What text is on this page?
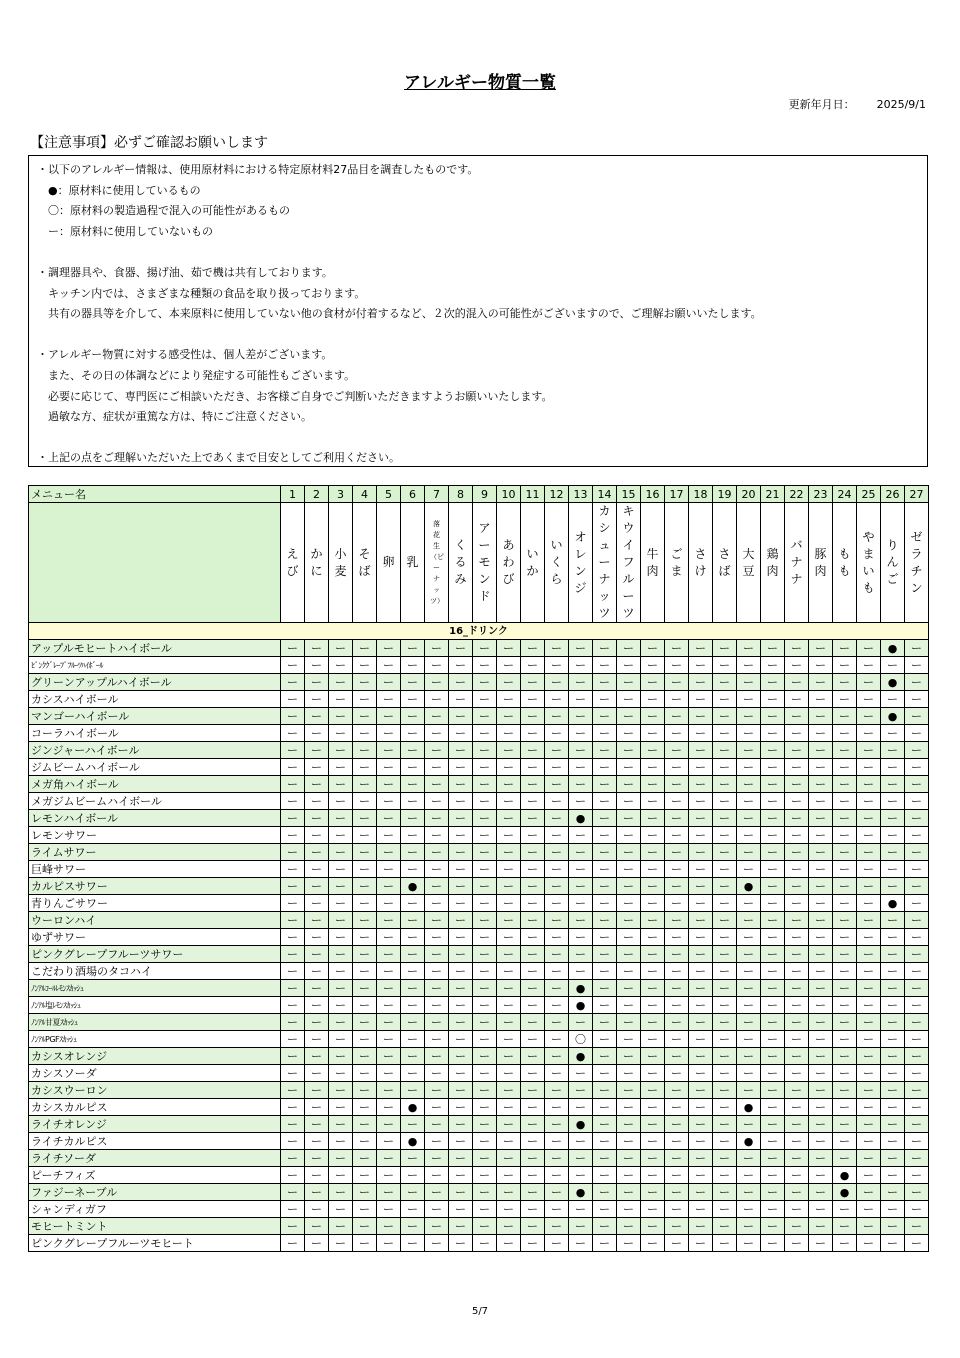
アレルギー物質一覧
更新年月日： 2025/9/1
【注意事項】必ずご確認お願いします
・以下のアレルギー情報は、使用原材料における特定原材料27品目を調査したものです。
　●：原材料に使用しているもの
　〇：原材料の製造過程で混入の可能性があるもの
　ー：原材料に使用していないもの
・調理器具や、食器、揚げ油、茹で機は共有しております。
　キッチン内では、さまざまな種類の食品を取り扱っております。
　共有の器具等を介して、本来原料に使用していない他の食材が付着するなど、２次的混入の可能性がございますので、ご理解お願いいたします。
・アレルギー物質に対する感受性は、個人差がございます。
　また、その日の体調などにより発症する可能性もございます。
　必要に応じて、専門医にご相談いただき、お客様ご自身でご判断いただきますようお願いいたします。
　過敏な方、症状が重篤な方は、特にご注意ください。
・上記の点をご理解いただいた上であくまで目安としてご利用ください。
メニュー名	1	2	3	4	5	6	7	8	9	10	11	12	13	14	15	16	17	18	19	20	21	22	23	24	25	26	27
	えび	かに	小麦	そば	卵	乳	落花生（ピーナッツ）	くるみ	アーモンド	あわび	いか	いくら	オレンジ	カシューナッツ	キウイフルーツ	牛肉	ごま	さけ	さば	大豆	鶏肉	バナナ	豚肉	もも	やまいも	りんご	ゼラチン
16_ドリンク																											
アップルモヒートハイボール	ー	ー	ー	ー	ー	ー	ー	ー	ー	ー	ー	ー	ー	ー	ー	ー	ー	ー	ー	ー	ー	ー	ー	ー	ー	●	ー
ﾋﾟﾝｸｸﾞﾚｰﾌﾟﾌﾙｰﾂﾊｲﾎﾞｰﾙ	ー	ー	ー	ー	ー	ー	ー	ー	ー	ー	ー	ー	ー	ー	ー	ー	ー	ー	ー	ー	ー	ー	ー	ー	ー	ー	ー
グリーンアップルハイボール	ー	ー	ー	ー	ー	ー	ー	ー	ー	ー	ー	ー	ー	ー	ー	ー	ー	ー	ー	ー	ー	ー	ー	ー	ー	●	ー
カシスハイボール	ー	ー	ー	ー	ー	ー	ー	ー	ー	ー	ー	ー	ー	ー	ー	ー	ー	ー	ー	ー	ー	ー	ー	ー	ー	ー	ー
マンゴーハイボール	ー	ー	ー	ー	ー	ー	ー	ー	ー	ー	ー	ー	ー	ー	ー	ー	ー	ー	ー	ー	ー	ー	ー	ー	ー	●	ー
コーラハイボール	ー	ー	ー	ー	ー	ー	ー	ー	ー	ー	ー	ー	ー	ー	ー	ー	ー	ー	ー	ー	ー	ー	ー	ー	ー	ー	ー
ジンジャーハイボール	ー	ー	ー	ー	ー	ー	ー	ー	ー	ー	ー	ー	ー	ー	ー	ー	ー	ー	ー	ー	ー	ー	ー	ー	ー	ー	ー
ジムビームハイボール	ー	ー	ー	ー	ー	ー	ー	ー	ー	ー	ー	ー	ー	ー	ー	ー	ー	ー	ー	ー	ー	ー	ー	ー	ー	ー	ー
メガ角ハイボール	ー	ー	ー	ー	ー	ー	ー	ー	ー	ー	ー	ー	ー	ー	ー	ー	ー	ー	ー	ー	ー	ー	ー	ー	ー	ー	ー
メガジムビームハイボール	ー	ー	ー	ー	ー	ー	ー	ー	ー	ー	ー	ー	ー	ー	ー	ー	ー	ー	ー	ー	ー	ー	ー	ー	ー	ー	ー
レモンハイボール	ー	ー	ー	ー	ー	ー	ー	ー	ー	ー	ー	ー	●	ー	ー	ー	ー	ー	ー	ー	ー	ー	ー	ー	ー	ー	ー
レモンサワー	ー	ー	ー	ー	ー	ー	ー	ー	ー	ー	ー	ー	ー	ー	ー	ー	ー	ー	ー	ー	ー	ー	ー	ー	ー	ー	ー
ライムサワー	ー	ー	ー	ー	ー	ー	ー	ー	ー	ー	ー	ー	ー	ー	ー	ー	ー	ー	ー	ー	ー	ー	ー	ー	ー	ー	ー
巨峰サワー	ー	ー	ー	ー	ー	ー	ー	ー	ー	ー	ー	ー	ー	ー	ー	ー	ー	ー	ー	ー	ー	ー	ー	ー	ー	ー	ー
カルピスサワー	ー	ー	ー	ー	ー	●	ー	ー	ー	ー	ー	ー	ー	ー	ー	ー	ー	ー	ー	●	ー	ー	ー	ー	ー	ー	ー
青りんごサワー	ー	ー	ー	ー	ー	ー	ー	ー	ー	ー	ー	ー	ー	ー	ー	ー	ー	ー	ー	ー	ー	ー	ー	ー	ー	●	ー
ウーロンハイ	ー	ー	ー	ー	ー	ー	ー	ー	ー	ー	ー	ー	ー	ー	ー	ー	ー	ー	ー	ー	ー	ー	ー	ー	ー	ー	ー
ゆずサワー	ー	ー	ー	ー	ー	ー	ー	ー	ー	ー	ー	ー	ー	ー	ー	ー	ー	ー	ー	ー	ー	ー	ー	ー	ー	ー	ー
ピンクグレープフルーツサワー	ー	ー	ー	ー	ー	ー	ー	ー	ー	ー	ー	ー	ー	ー	ー	ー	ー	ー	ー	ー	ー	ー	ー	ー	ー	ー	ー
こだわり酒場のタコハイ	ー	ー	ー	ー	ー	ー	ー	ー	ー	ー	ー	ー	ー	ー	ー	ー	ー	ー	ー	ー	ー	ー	ー	ー	ー	ー	ー
ﾉﾝｱﾙｺｰﾙﾚﾓﾝｽｶｯｼｭ	ー	ー	ー	ー	ー	ー	ー	ー	ー	ー	ー	ー	●	ー	ー	ー	ー	ー	ー	ー	ー	ー	ー	ー	ー	ー	ー
ﾉﾝｱﾙ塩ﾚﾓﾝｽｶｯｼｭ	ー	ー	ー	ー	ー	ー	ー	ー	ー	ー	ー	ー	●	ー	ー	ー	ー	ー	ー	ー	ー	ー	ー	ー	ー	ー	ー
ﾉﾝｱﾙ甘夏ｽｶｯｼｭ	ー	ー	ー	ー	ー	ー	ー	ー	ー	ー	ー	ー	ー	ー	ー	ー	ー	ー	ー	ー	ー	ー	ー	ー	ー	ー	ー
ﾉﾝｱﾙPGFｽｶｯｼｭ	ー	ー	ー	ー	ー	ー	ー	ー	ー	ー	ー	ー	〇	ー	ー	ー	ー	ー	ー	ー	ー	ー	ー	ー	ー	ー	ー
カシスオレンジ	ー	ー	ー	ー	ー	ー	ー	ー	ー	ー	ー	ー	●	ー	ー	ー	ー	ー	ー	ー	ー	ー	ー	ー	ー	ー	ー
カシスソーダ	ー	ー	ー	ー	ー	ー	ー	ー	ー	ー	ー	ー	ー	ー	ー	ー	ー	ー	ー	ー	ー	ー	ー	ー	ー	ー	ー
カシスウーロン	ー	ー	ー	ー	ー	ー	ー	ー	ー	ー	ー	ー	ー	ー	ー	ー	ー	ー	ー	ー	ー	ー	ー	ー	ー	ー	ー
カシスカルピス	ー	ー	ー	ー	ー	●	ー	ー	ー	ー	ー	ー	ー	ー	ー	ー	ー	ー	ー	●	ー	ー	ー	ー	ー	ー	ー
ライチオレンジ	ー	ー	ー	ー	ー	ー	ー	ー	ー	ー	ー	ー	●	ー	ー	ー	ー	ー	ー	ー	ー	ー	ー	ー	ー	ー	ー
ライチカルピス	ー	ー	ー	ー	ー	●	ー	ー	ー	ー	ー	ー	ー	ー	ー	ー	ー	ー	ー	●	ー	ー	ー	ー	ー	ー	ー
ライチソーダ	ー	ー	ー	ー	ー	ー	ー	ー	ー	ー	ー	ー	ー	ー	ー	ー	ー	ー	ー	ー	ー	ー	ー	ー	ー	ー	ー
ピーチフィズ	ー	ー	ー	ー	ー	ー	ー	ー	ー	ー	ー	ー	ー	ー	ー	ー	ー	ー	ー	ー	ー	ー	ー	●	ー	ー	ー
ファジーネーブル	ー	ー	ー	ー	ー	ー	ー	ー	ー	ー	ー	ー	●	ー	ー	ー	ー	ー	ー	ー	ー	ー	ー	●	ー	ー	ー
シャンディガフ	ー	ー	ー	ー	ー	ー	ー	ー	ー	ー	ー	ー	ー	ー	ー	ー	ー	ー	ー	ー	ー	ー	ー	ー	ー	ー	ー
モヒートミント	ー	ー	ー	ー	ー	ー	ー	ー	ー	ー	ー	ー	ー	ー	ー	ー	ー	ー	ー	ー	ー	ー	ー	ー	ー	ー	ー
ピンクグレープフルーツモヒート	ー	ー	ー	ー	ー	ー	ー	ー	ー	ー	ー	ー	ー	ー	ー	ー	ー	ー	ー	ー	ー	ー	ー	ー	ー	ー	ー
5/7
